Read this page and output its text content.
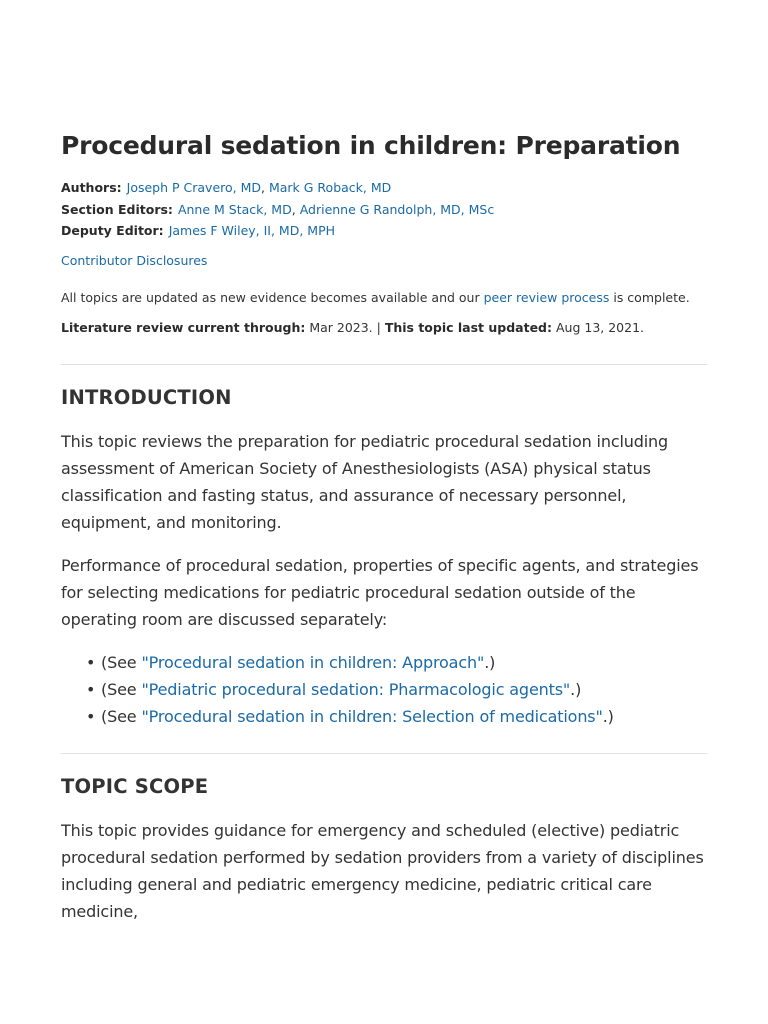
Procedural sedation in children: Preparation
Authors: Joseph P Cravero, MD, Mark G Roback, MD
Section Editors: Anne M Stack, MD, Adrienne G Randolph, MD, MSc
Deputy Editor: James F Wiley, II, MD, MPH
Contributor Disclosures
All topics are updated as new evidence becomes available and our peer review process is complete.
Literature review current through: Mar 2023. | This topic last updated: Aug 13, 2021.
INTRODUCTION

This topic reviews the preparation for pediatric procedural sedation including assessment of American Society of Anesthesiologists (ASA) physical status classification and fasting status, and assurance of necessary personnel, equipment, and monitoring.

Performance of procedural sedation, properties of specific agents, and strategies for selecting medications for pediatric procedural sedation outside of the operating room are discussed separately:

• (See "Procedural sedation in children: Approach".)
• (See "Pediatric procedural sedation: Pharmacologic agents".)
• (See "Procedural sedation in children: Selection of medications".)
TOPIC SCOPE

This topic provides guidance for emergency and scheduled (elective) pediatric procedural sedation performed by sedation providers from a variety of disciplines including general and pediatric emergency medicine, pediatric critical care medicine,
